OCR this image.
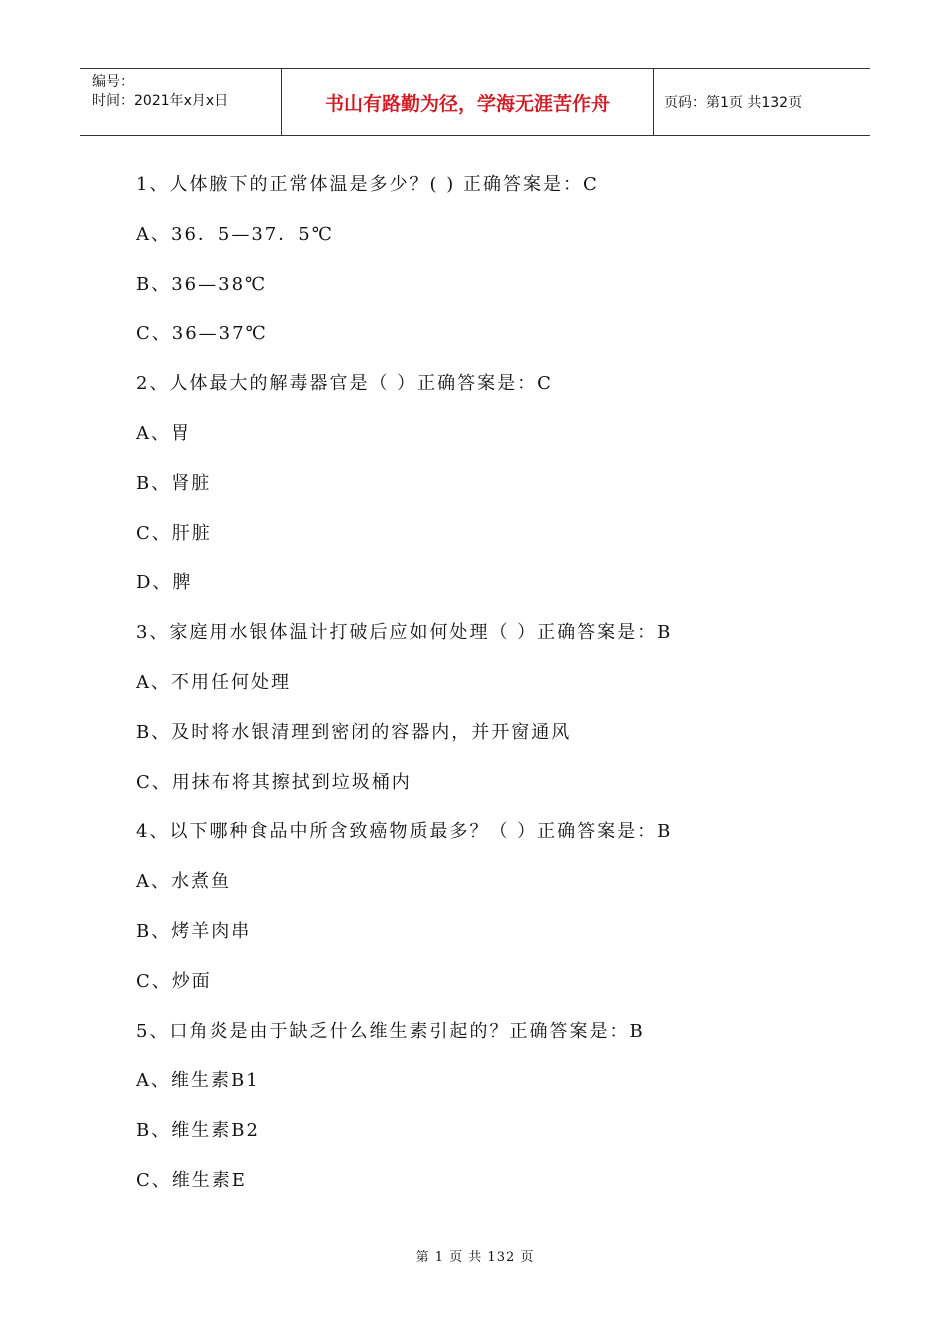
编号：
时间：2021年x月x日	书山有路勤为径，学海无涯苦作舟	页码：第1页 共132页
1、人体腋下的正常体温是多少？( ) 正确答案是：C
A、36．5—37．5℃
B、36—38℃
C、36—37℃
2、人体最大的解毒器官是（ ）正确答案是：C
A、胃
B、肾脏
C、肝脏
D、脾
3、家庭用水银体温计打破后应如何处理（ ）正确答案是：B
A、不用任何处理
B、及时将水银清理到密闭的容器内，并开窗通风
C、用抹布将其擦拭到垃圾桶内
4、以下哪种食品中所含致癌物质最多？（ ）正确答案是：B
A、水煮鱼
B、烤羊肉串
C、炒面
5、口角炎是由于缺乏什么维生素引起的？正确答案是：B
A、维生素B1
B、维生素B2
C、维生素E
第 1 页 共 132 页
